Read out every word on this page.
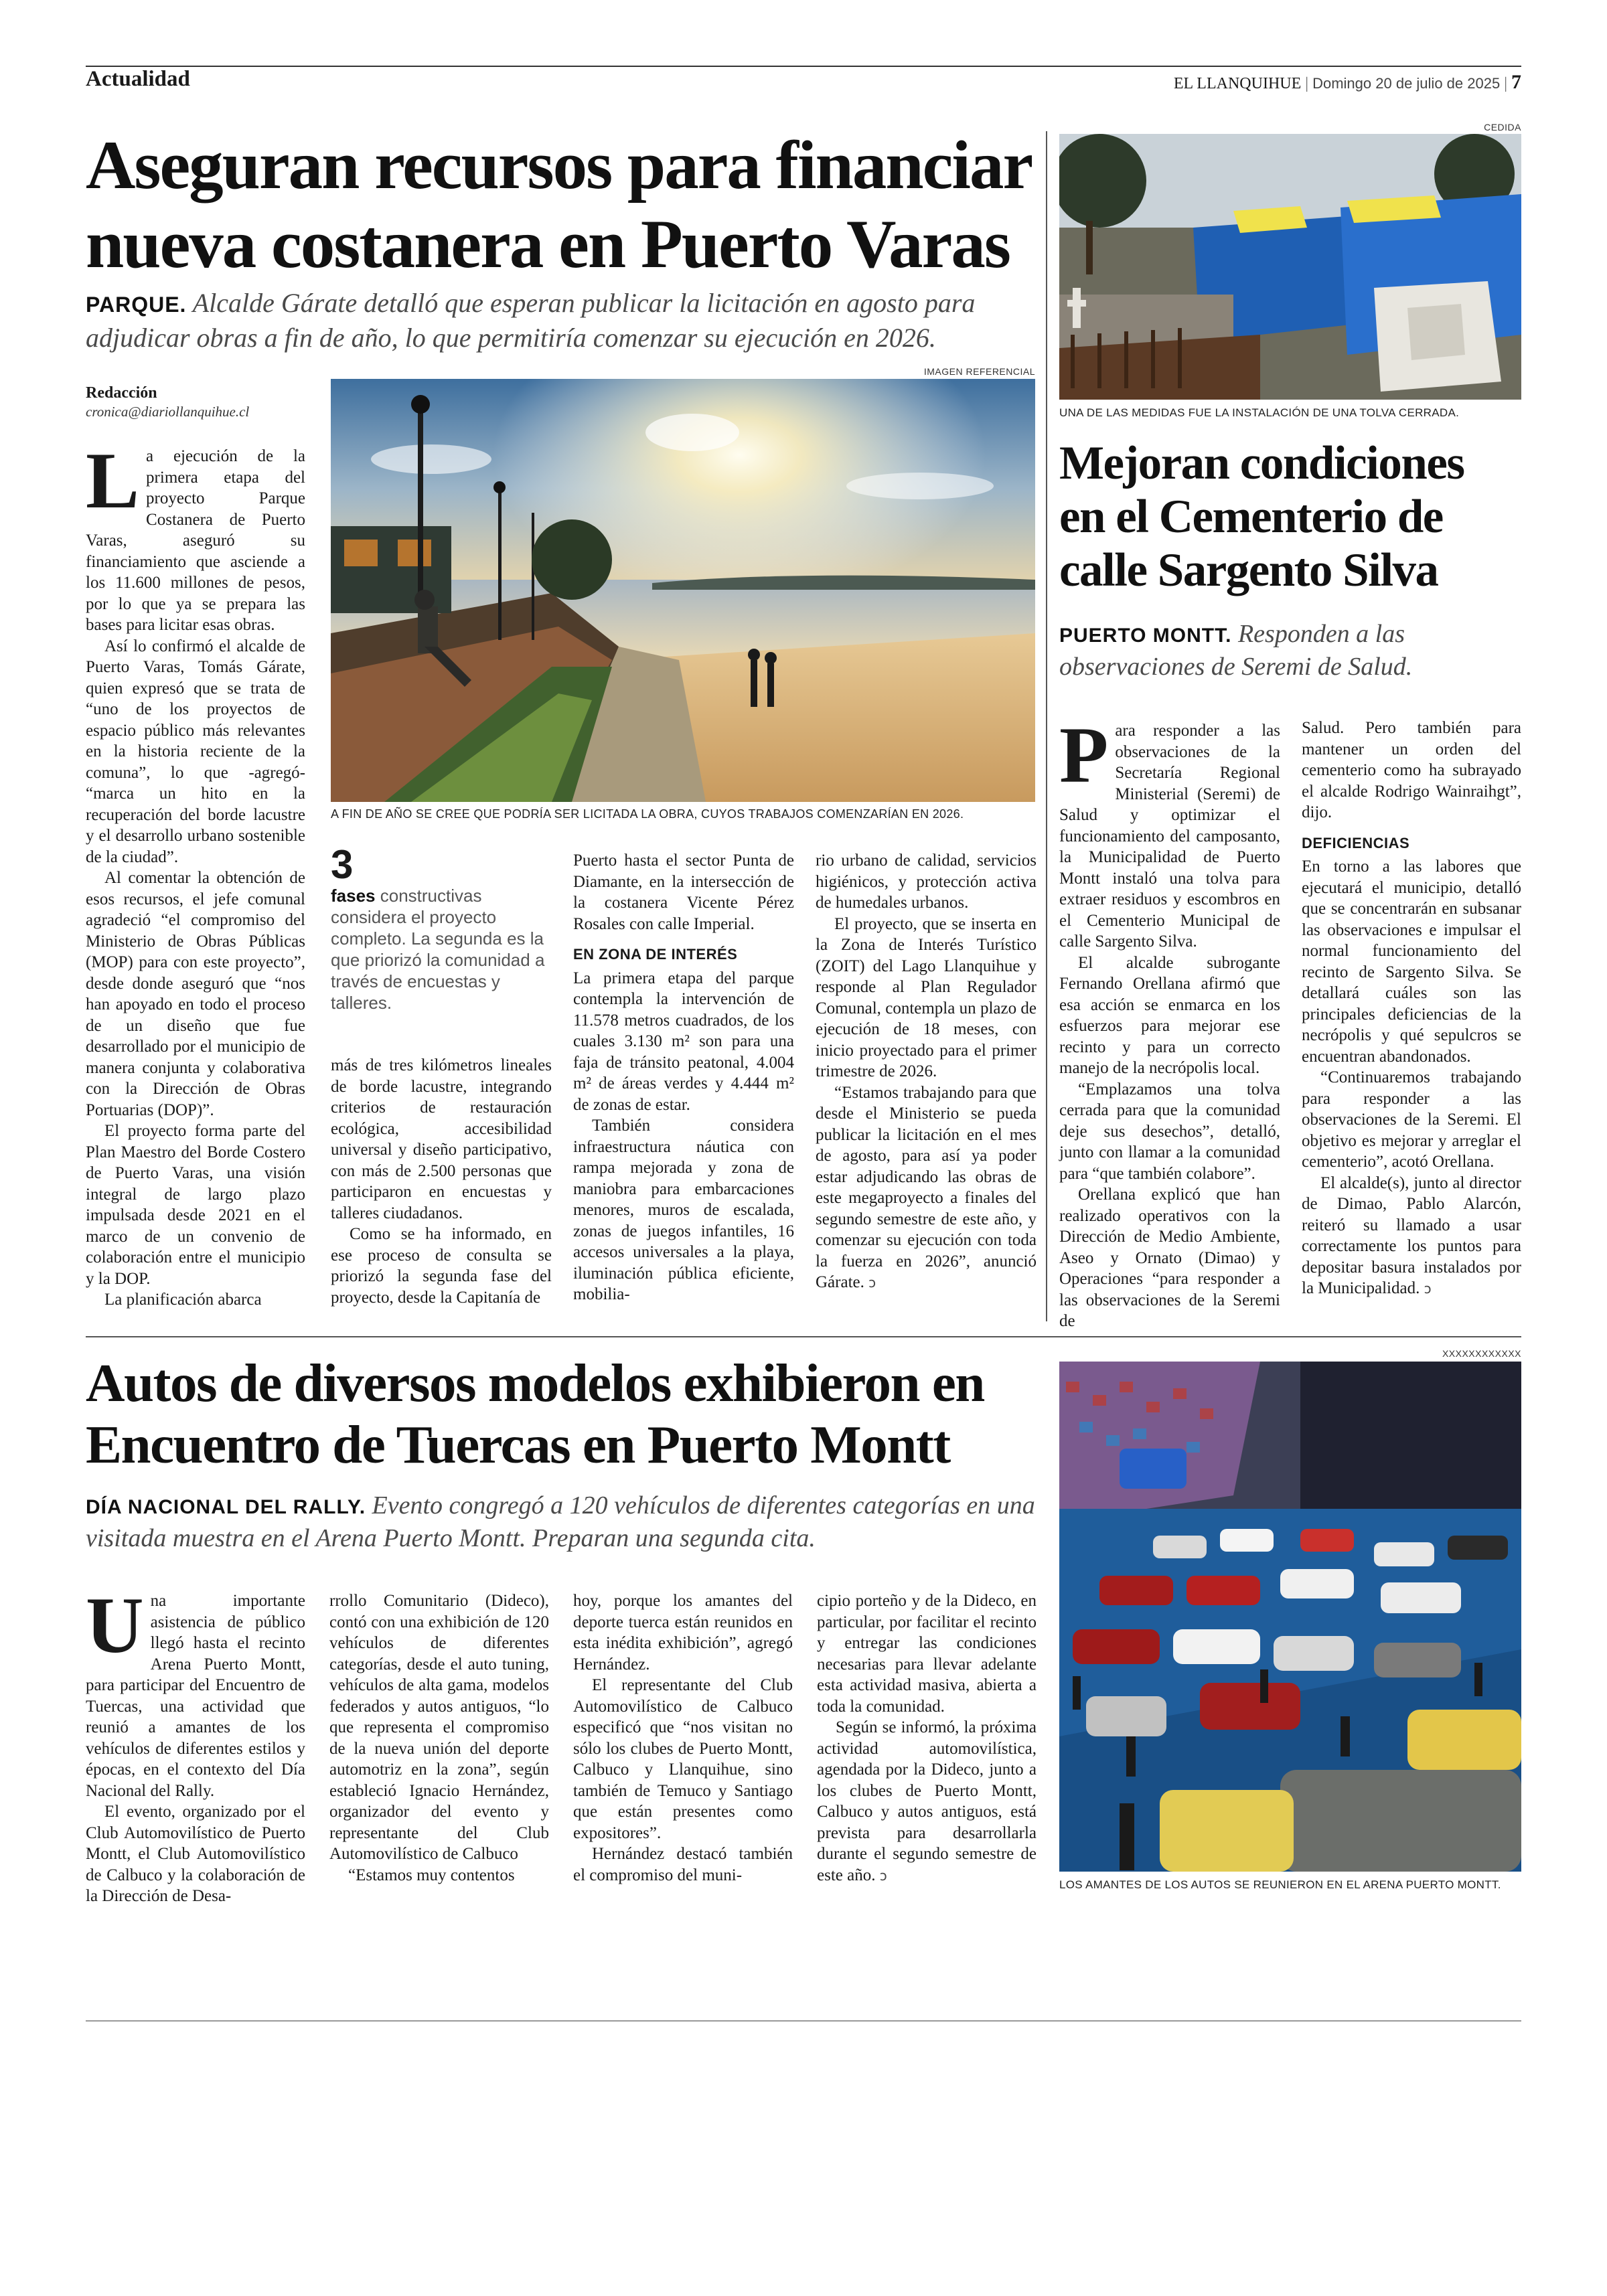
Actualidad	EL LLANQUIHUE | Domingo 20 de julio de 2025 | 7
Aseguran recursos para financiar
nueva costanera en Puerto Varas
PARQUE. Alcalde Gárate detalló que esperan publicar la licitación en agosto para adjudicar obras a fin de año, lo que permitiría comenzar su ejecución en 2026.
Redacción
cronica@diariollanquihue.cl
IMAGEN REFERENCIAL
A FIN DE AÑO SE CREE QUE PODRÍA SER LICITADA LA OBRA, CUYOS TRABAJOS COMENZARÍAN EN 2026.

La ejecución de la primera etapa del proyecto Parque Costanera de Puerto Varas, aseguró su financiamiento que asciende a los 11.600 millones de pesos, por lo que ya se prepara las bases para licitar esas obras.

Así lo confirmó el alcalde de Puerto Varas, Tomás Gárate, quien expresó que se trata de “uno de los proyectos de espacio público más relevantes en la historia reciente de la comuna”, lo que -agregó- “marca un hito en la recuperación del borde lacustre y el desarrollo urbano sostenible de la ciudad”.

Al comentar la obtención de esos recursos, el jefe comunal agradeció “el compromiso del Ministerio de Obras Públicas (MOP) para con este proyecto”, desde donde aseguró que “nos han apoyado en todo el proceso de un diseño que fue desarrollado por el municipio de manera conjunta y colaborativa con la Dirección de Obras Portuarias (DOP)”.

El proyecto forma parte del Plan Maestro del Borde Costero de Puerto Varas, una visión integral de largo plazo impulsada desde 2021 en el marco de un convenio de colaboración entre el municipio y la DOP.

La planificación abarca

3
fases constructivas considera el proyecto completo. La segunda es la que priorizó la comunidad a través de encuestas y talleres.

más de tres kilómetros lineales de borde lacustre, integrando criterios de restauración ecológica, accesibilidad universal y diseño participativo, con más de 2.500 personas que participaron en encuestas y talleres ciudadanos.

Como se ha informado, en ese proceso de consulta se priorizó la segunda fase del proyecto, desde la Capitanía de

Puerto hasta el sector Punta de Diamante, en la intersección de la costanera Vicente Pérez Rosales con calle Imperial.

EN ZONA DE INTERÉS

La primera etapa del parque contempla la intervención de 11.578 metros cuadrados, de los cuales 3.130 m² son para una faja de tránsito peatonal, 4.004 m² de áreas verdes y 4.444 m² de zonas de estar.

También considera infraestructura náutica con rampa mejorada y zona de maniobra para embarcaciones menores, muros de escalada, zonas de juegos infantiles, 16 accesos universales a la playa, iluminación pública eficiente, mobilia-

rio urbano de calidad, servicios higiénicos, y protección activa de humedales urbanos.

El proyecto, que se inserta en la Zona de Interés Turístico (ZOIT) del Lago Llanquihue y responde al Plan Regulador Comunal, contempla un plazo de ejecución de 18 meses, con inicio proyectado para el primer trimestre de 2026.

“Estamos trabajando para que desde el Ministerio se pueda publicar la licitación en el mes de agosto, para así ya poder estar adjudicando las obras de este megaproyecto a finales del segundo semestre de este año, y comenzar su ejecución con toda la fuerza en 2026”, anunció Gárate. ↄ

CEDIDA
UNA DE LAS MEDIDAS FUE LA INSTALACIÓN DE UNA TOLVA CERRADA.
Mejoran condiciones
en el Cementerio de
calle Sargento Silva
PUERTO MONTT. Responden a las observaciones de Seremi de Salud.

Para responder a las observaciones de la Secretaría Regional Ministerial (Seremi) de Salud y optimizar el funcionamiento del camposanto, la Municipalidad de Puerto Montt instaló una tolva para extraer residuos y escombros en el Cementerio Municipal de calle Sargento Silva.

El alcalde subrogante Fernando Orellana afirmó que esa acción se enmarca en los esfuerzos para mejorar ese recinto y para un correcto manejo de la necrópolis local.

“Emplazamos una tolva cerrada para que la comunidad deje sus desechos”, detalló, junto con llamar a la comunidad para “que también colabore”.

Orellana explicó que han realizado operativos con la Dirección de Medio Ambiente, Aseo y Ornato (Dimao) y Operaciones “para responder a las observaciones de la Seremi de

Salud. Pero también para mantener un orden del cementerio como ha subrayado el alcalde Rodrigo Wainraihgt”, dijo.

DEFICIENCIAS

En torno a las labores que ejecutará el municipio, detalló que se concentrarán en subsanar las observaciones e impulsar el normal funcionamiento del recinto de Sargento Silva. Se detallará cuáles son las principales deficiencias de la necrópolis y qué sepulcros se encuentran abandonados.

“Continuaremos trabajando para responder a las observaciones de la Seremi. El objetivo es mejorar y arreglar el cementerio”, acotó Orellana.

El alcalde(s), junto al director de Dimao, Pablo Alarcón, reiteró su llamado a usar correctamente los puntos para depositar basura instalados por la Municipalidad. ↄ

Autos de diversos modelos exhibieron en
Encuentro de Tuercas en Puerto Montt
DÍA NACIONAL DEL RALLY. Evento congregó a 120 vehículos de diferentes categorías en una visitada muestra en el Arena Puerto Montt. Preparan una segunda cita.
XXXXXXXXXXXX
LOS AMANTES DE LOS AUTOS SE REUNIERON EN EL ARENA PUERTO MONTT.

Una importante asistencia de público llegó hasta el recinto Arena Puerto Montt, para participar del Encuentro de Tuercas, una actividad que reunió a amantes de los vehículos de diferentes estilos y épocas, en el contexto del Día Nacional del Rally.

El evento, organizado por el Club Automovilístico de Puerto Montt, el Club Automovilístico de Calbuco y la colaboración de la Dirección de Desa-

rrollo Comunitario (Dideco), contó con una exhibición de 120 vehículos de diferentes categorías, desde el auto tuning, vehículos de alta gama, modelos federados y autos antiguos, “lo que representa el compromiso de la nueva unión del deporte automotriz en la zona”, según estableció Ignacio Hernández, organizador del evento y representante del Club Automovilístico de Calbuco

“Estamos muy contentos

hoy, porque los amantes del deporte tuerca están reunidos en esta inédita exhibición”, agregó Hernández.

El representante del Club Automovilístico de Calbuco especificó que “nos visitan no sólo los clubes de Puerto Montt, Calbuco y Llanquihue, sino también de Temuco y Santiago que están presentes como expositores”.

Hernández destacó también el compromiso del muni-

cipio porteño y de la Dideco, en particular, por facilitar el recinto y entregar las condiciones necesarias para llevar adelante esta actividad masiva, abierta a toda la comunidad.

Según se informó, la próxima actividad automovilística, agendada por la Dideco, junto a los clubes de Puerto Montt, Calbuco y autos antiguos, está prevista para desarrollarla durante el segundo semestre de este año. ↄ
